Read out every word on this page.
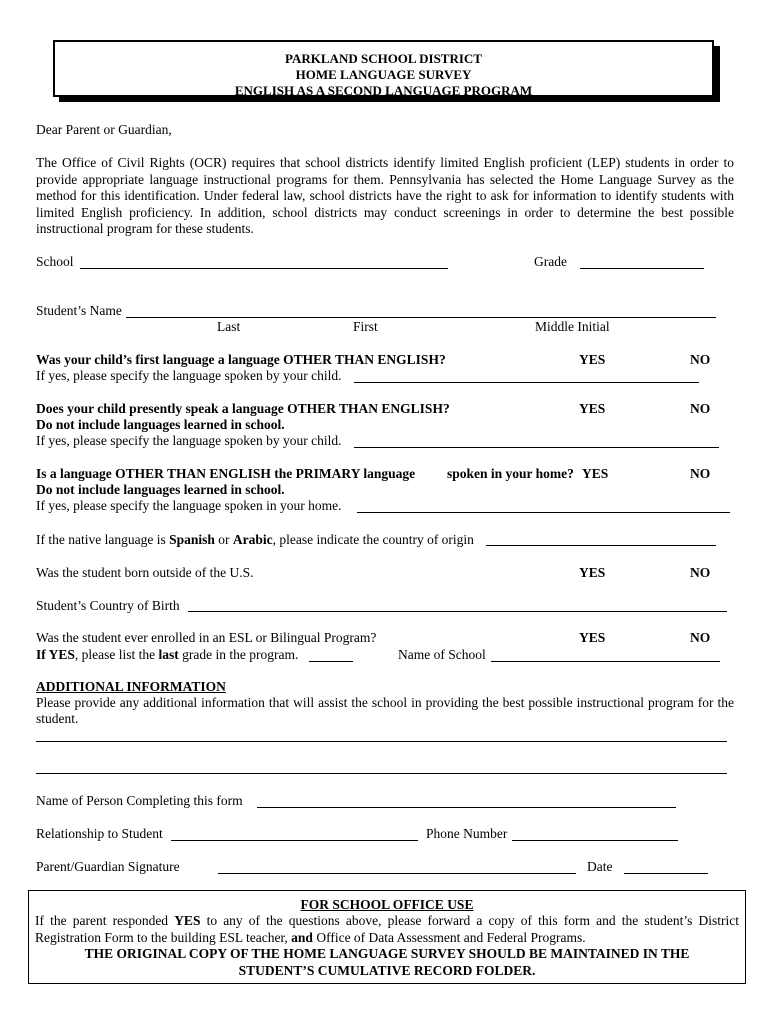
PARKLAND SCHOOL DISTRICT
HOME LANGUAGE SURVEY
ENGLISH AS A SECOND LANGUAGE PROGRAM
Dear Parent or Guardian,
The Office of Civil Rights (OCR) requires that school districts identify limited English proficient (LEP) students in order to provide appropriate language instructional programs for them. Pennsylvania has selected the Home Language Survey as the method for this identification. Under federal law, school districts have the right to ask for information to identify students with limited English proficiency. In addition, school districts may conduct screenings in order to determine the best possible instructional program for these students.
School	Grade
Student’s Name
Last	First	Middle Initial
Was your child’s first language a language OTHER THAN ENGLISH?	YES	NO
If yes, please specify the language spoken by your child.
Does your child presently speak a language OTHER THAN ENGLISH?	YES	NO
Do not include languages learned in school.
If yes, please specify the language spoken by your child.
Is a language OTHER THAN ENGLISH the PRIMARY language spoken in your home? YES	NO
Do not include languages learned in school.
If yes, please specify the language spoken in your home.
If the native language is Spanish or Arabic, please indicate the country of origin
Was the student born outside of the U.S.	YES	NO
Student’s Country of Birth
Was the student ever enrolled in an ESL or Bilingual Program?	YES	NO
If YES, please list the last grade in the program.	Name of School
ADDITIONAL INFORMATION
Please provide any additional information that will assist the school in providing the best possible instructional program for the student.
Name of Person Completing this form
Relationship to Student	Phone Number
Parent/Guardian Signature	Date
FOR SCHOOL OFFICE USE
If the parent responded YES to any of the questions above, please forward a copy of this form and the student’s District Registration Form to the building ESL teacher, and Office of Data Assessment and Federal Programs.
THE ORIGINAL COPY OF THE HOME LANGUAGE SURVEY SHOULD BE MAINTAINED IN THE
STUDENT’S CUMULATIVE RECORD FOLDER.
